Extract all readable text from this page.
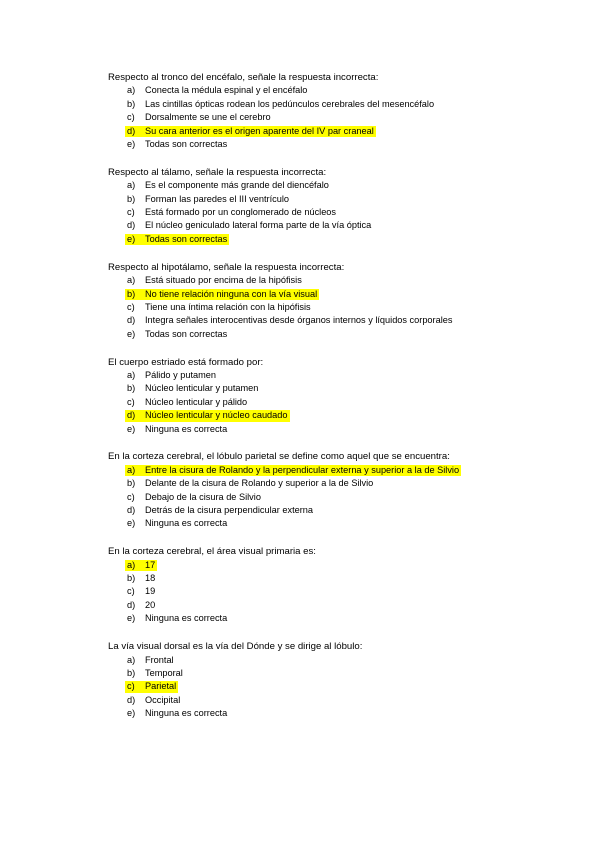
Respecto al tronco del encéfalo, señale la respuesta incorrecta:
a) Conecta la médula espinal y el encéfalo
b) Las cintillas ópticas rodean los pedúnculos cerebrales del mesencéfalo
c) Dorsalmente se une el cerebro
d) Su cara anterior es el origen aparente del IV par craneal
e) Todas son correctas
Respecto al tálamo, señale la respuesta incorrecta:
a) Es el componente más grande del diencéfalo
b) Forman las paredes el III ventrículo
c) Está formado por un conglomerado de núcleos
d) El núcleo geniculado lateral forma parte de la vía óptica
e) Todas son correctas
Respecto al hipotálamo, señale la respuesta incorrecta:
a) Está situado por encima de la hipófisis
b) No tiene relación ninguna con la vía visual
c) Tiene una íntima relación con la hipófisis
d) Integra señales interocentivas desde órganos internos y líquidos corporales
e) Todas son correctas
El cuerpo estriado está formado por:
a) Pálido y putamen
b) Núcleo lenticular y putamen
c) Núcleo lenticular y pálido
d) Núcleo lenticular y núcleo caudado
e) Ninguna es correcta
En la corteza cerebral, el lóbulo parietal se define como aquel que se encuentra:
a) Entre la cisura de Rolando y la perpendicular externa y superior a la de Silvio
b) Delante de la cisura de Rolando y superior a la de Silvio
c) Debajo de la cisura de Silvio
d) Detrás de la cisura perpendicular externa
e) Ninguna es correcta
En la corteza cerebral, el área visual primaria es:
a) 17
b) 18
c) 19
d) 20
e) Ninguna es correcta
La vía visual dorsal es la vía del Dónde y se dirige al lóbulo:
a) Frontal
b) Temporal
c) Parietal
d) Occipital
e) Ninguna es correcta
